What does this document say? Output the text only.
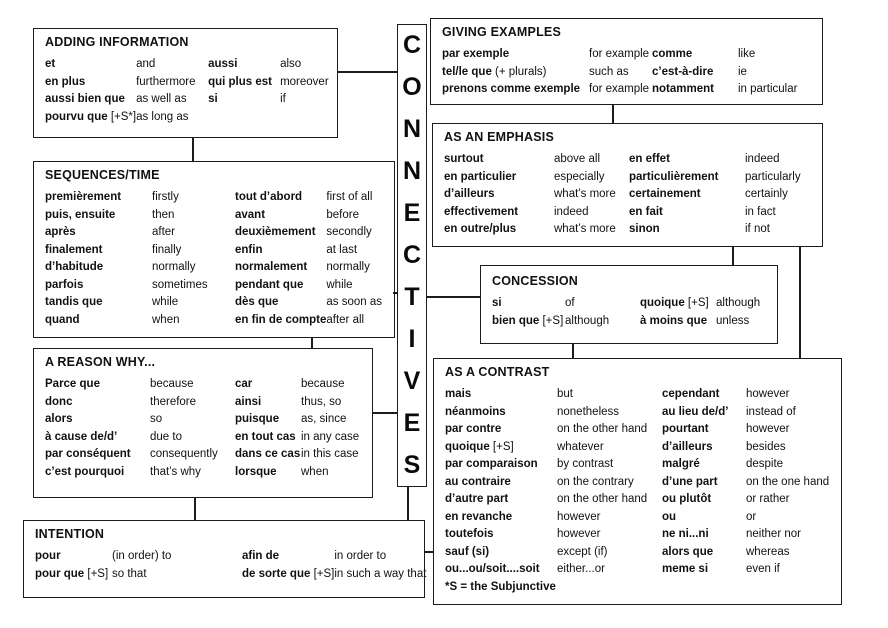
ADDING INFORMATION
et	and	aussi	also
en plus	furthermore	qui plus est	moreover
aussi bien que	as well as	si	if
pourvu que [+S*]	as long as		
SEQUENCES/TIME
premièrement	firstly	tout d’abord	first of all
puis, ensuite	then	avant	before
après	after	deuxièmement	secondly
finalement	finally	enfin	at last
d’habitude	normally	normalement	normally
parfois	sometimes	pendant que	while
tandis que	while	dès que	as soon as
quand	when	en fin de compte	after all
A REASON WHY...
Parce que	because	car	because
donc	therefore	ainsi	thus, so
alors	so	puisque	as, since
à cause de/d’	due to	en tout cas	in any case
par conséquent	consequently	dans ce cas	in this case
c’est pourquoi	that’s why	lorsque	when
INTENTION
pour	(in order) to	afin de	in order to
pour que [+S]	so that	de sorte que [+S]	in such a way that
C
O
N
N
E
C
T
I
V
E
S
GIVING EXAMPLES
par exemple	for example	comme	like
tel/le que (+ plurals)	such as	c’est-à-dire	ie
prenons comme exemple	for example	notamment	in particular
AS AN EMPHASIS
surtout	above all	en effet	indeed
en particulier	especially	particulièrement	particularly
d’ailleurs	what’s more	certainement	certainly
effectivement	indeed	en fait	in fact
en outre/plus	what’s more	sinon	if not
CONCESSION
si	of	quoique [+S]	although
bien que [+S]	although	à moins que	unless
AS A CONTRAST
mais	but	cependant	however
néanmoins	nonetheless	au lieu de/d’	instead of
par contre	on the other hand	pourtant	however
quoique [+S]	whatever	d’ailleurs	besides
par comparaison	by contrast	malgré	despite
au contraire	on the contrary	d’une part	on the one hand
d’autre part	on the other hand	ou plutôt	or rather
en revanche	however	ou	or
toutefois	however	ne ni...ni	neither nor
sauf (si)	except (if)	alors que	whereas
ou...ou/soit....soit	either...or	meme si	even if
*S = the Subjunctive			
